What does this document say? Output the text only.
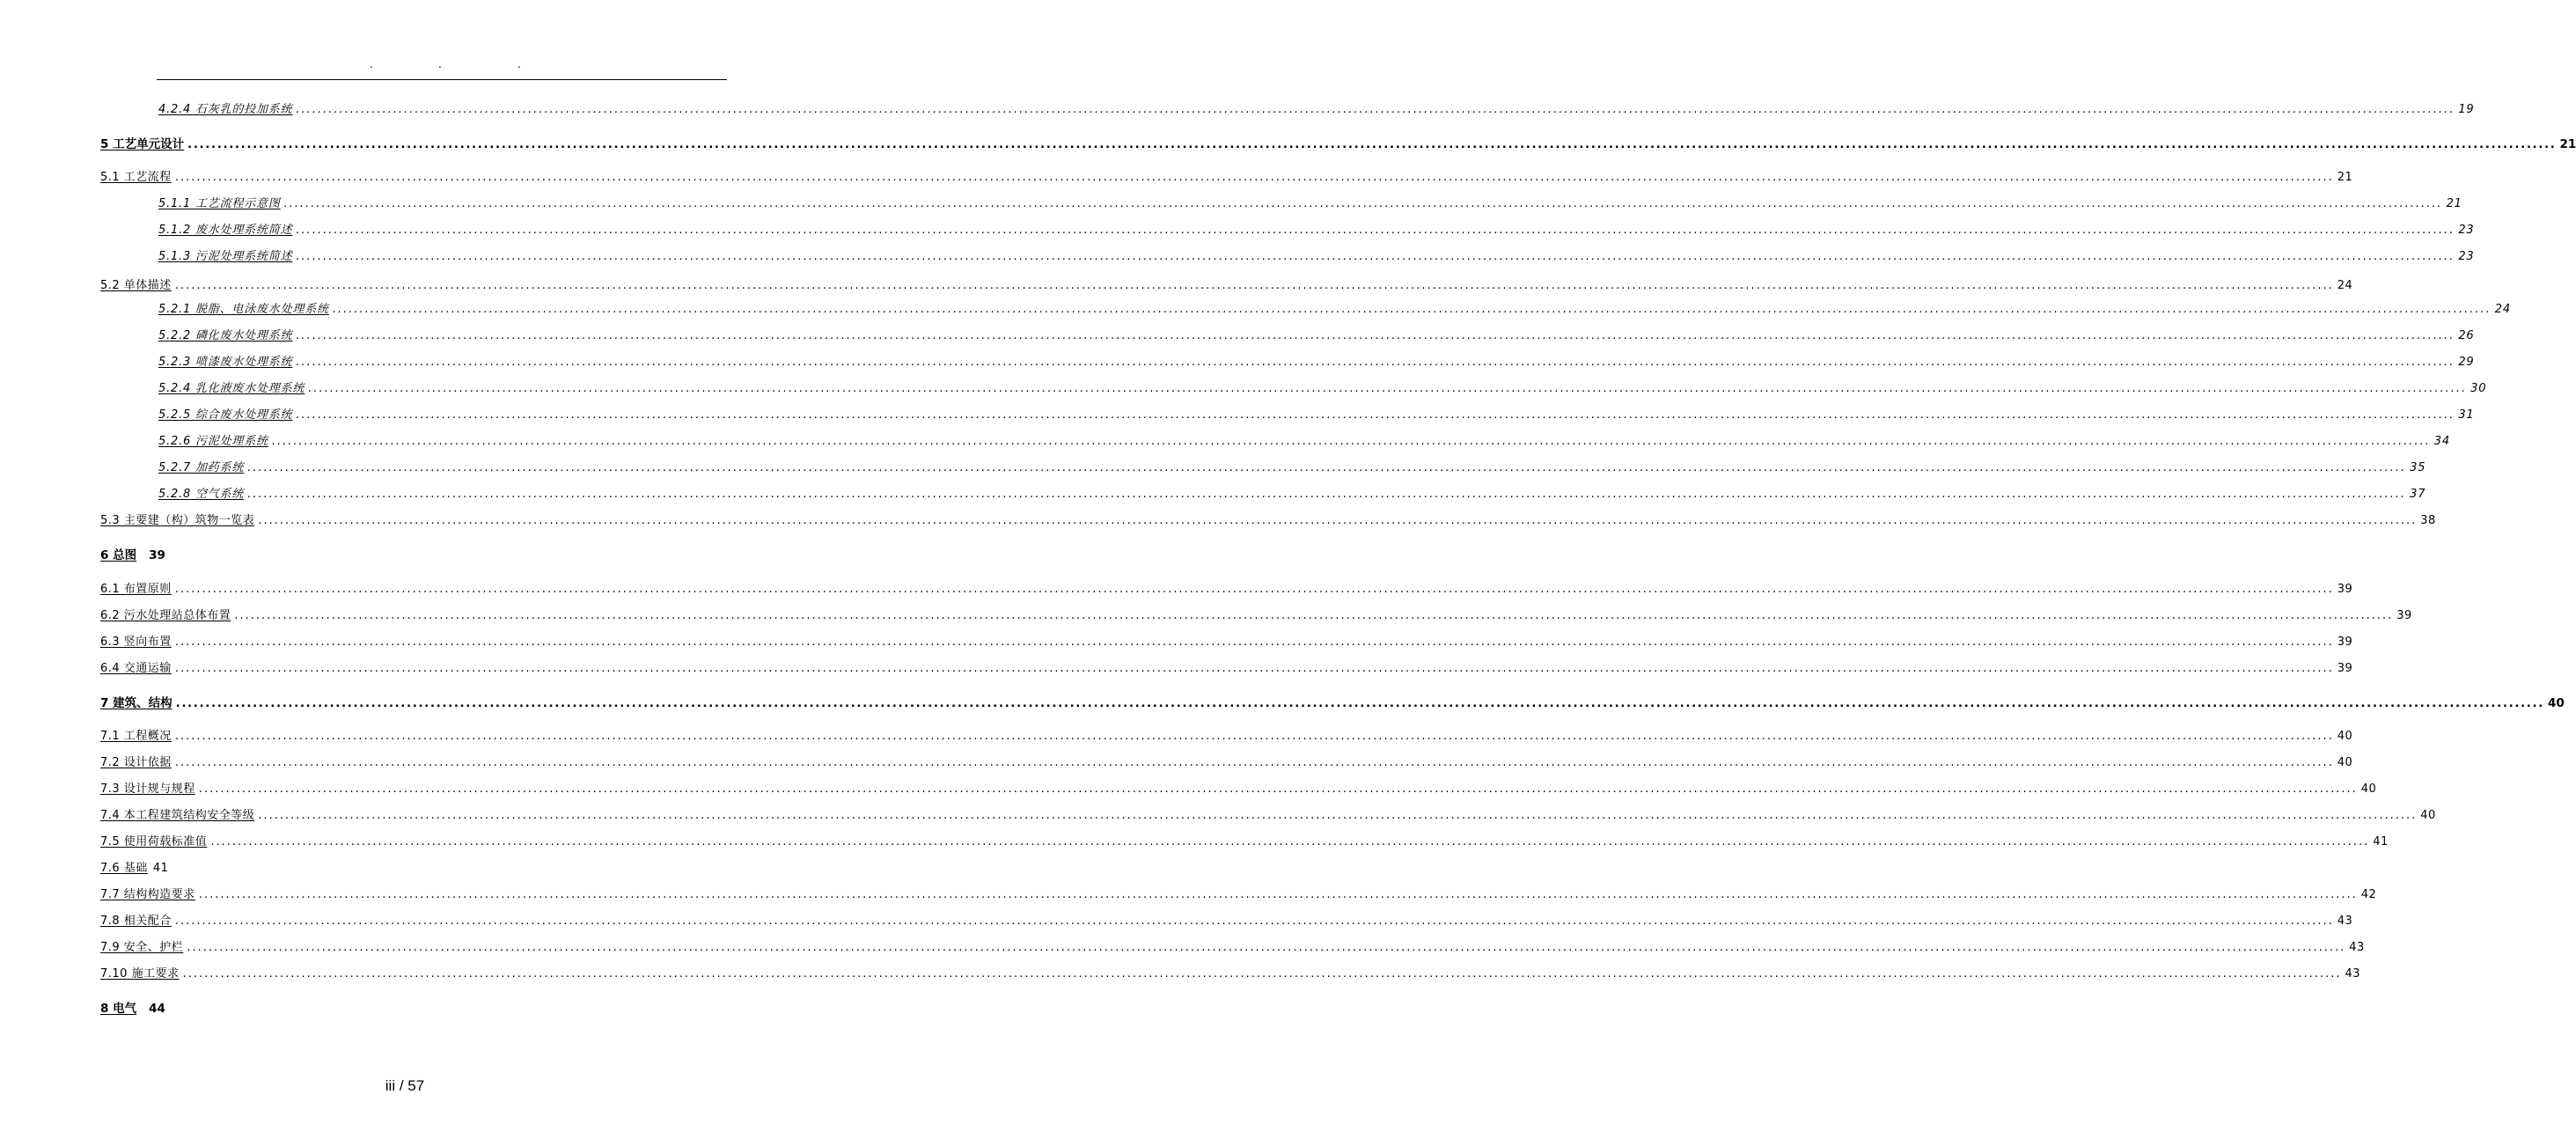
.	.	.
4.2.4 石灰乳的投加系统 ................................................................................................................................................................................................................................................................................................................................................................................................................ 19
5 工艺单元设计 ................................................................................................................................................................................................................................................................................................................................................................................................................ 21
5.1 工艺流程 ................................................................................................................................................................................................................................................................................................................................................................................................................ 21
5.1.1 工艺流程示意图 ................................................................................................................................................................................................................................................................................................................................................................................................................ 21
5.1.2 废水处理系统简述 ................................................................................................................................................................................................................................................................................................................................................................................................................ 23
5.1.3 污泥处理系统简述 ................................................................................................................................................................................................................................................................................................................................................................................................................ 23
5.2 单体描述 ................................................................................................................................................................................................................................................................................................................................................................................................................ 24
5.2.1 脱脂、电泳废水处理系统 ................................................................................................................................................................................................................................................................................................................................................................................................................ 24
5.2.2 磷化废水处理系统 ................................................................................................................................................................................................................................................................................................................................................................................................................ 26
5.2.3 喷漆废水处理系统 ................................................................................................................................................................................................................................................................................................................................................................................................................ 29
5.2.4 乳化液废水处理系统 ................................................................................................................................................................................................................................................................................................................................................................................................................ 30
5.2.5 综合废水处理系统 ................................................................................................................................................................................................................................................................................................................................................................................................................ 31
5.2.6 污泥处理系统 ................................................................................................................................................................................................................................................................................................................................................................................................................ 34
5.2.7 加药系统 ................................................................................................................................................................................................................................................................................................................................................................................................................ 35
5.2.8 空气系统 ................................................................................................................................................................................................................................................................................................................................................................................................................ 37
5.3 主要建（构）筑物一览表 ................................................................................................................................................................................................................................................................................................................................................................................................................ 38
6 总图 39
6.1 布置原则 ................................................................................................................................................................................................................................................................................................................................................................................................................ 39
6.2 污水处理站总体布置 ................................................................................................................................................................................................................................................................................................................................................................................................................ 39
6.3 竖向布置 ................................................................................................................................................................................................................................................................................................................................................................................................................ 39
6.4 交通运输 ................................................................................................................................................................................................................................................................................................................................................................................................................ 39
7 建筑、结构 ................................................................................................................................................................................................................................................................................................................................................................................................................ 40
7.1 工程概况 ................................................................................................................................................................................................................................................................................................................................................................................................................ 40
7.2 设计依据 ................................................................................................................................................................................................................................................................................................................................................................................................................ 40
7.3 设计规与规程 ................................................................................................................................................................................................................................................................................................................................................................................................................ 40
7.4 本工程建筑结构安全等级 ................................................................................................................................................................................................................................................................................................................................................................................................................ 40
7.5 使用荷载标准值 ................................................................................................................................................................................................................................................................................................................................................................................................................ 41
7.6 基础 41
7.7 结构构造要求 ................................................................................................................................................................................................................................................................................................................................................................................................................ 42
7.8 相关配合 ................................................................................................................................................................................................................................................................................................................................................................................................................ 43
7.9 安全、护栏 ................................................................................................................................................................................................................................................................................................................................................................................................................ 43
7.10 施工要求 ................................................................................................................................................................................................................................................................................................................................................................................................................ 43
8 电气 44
iii / 57
